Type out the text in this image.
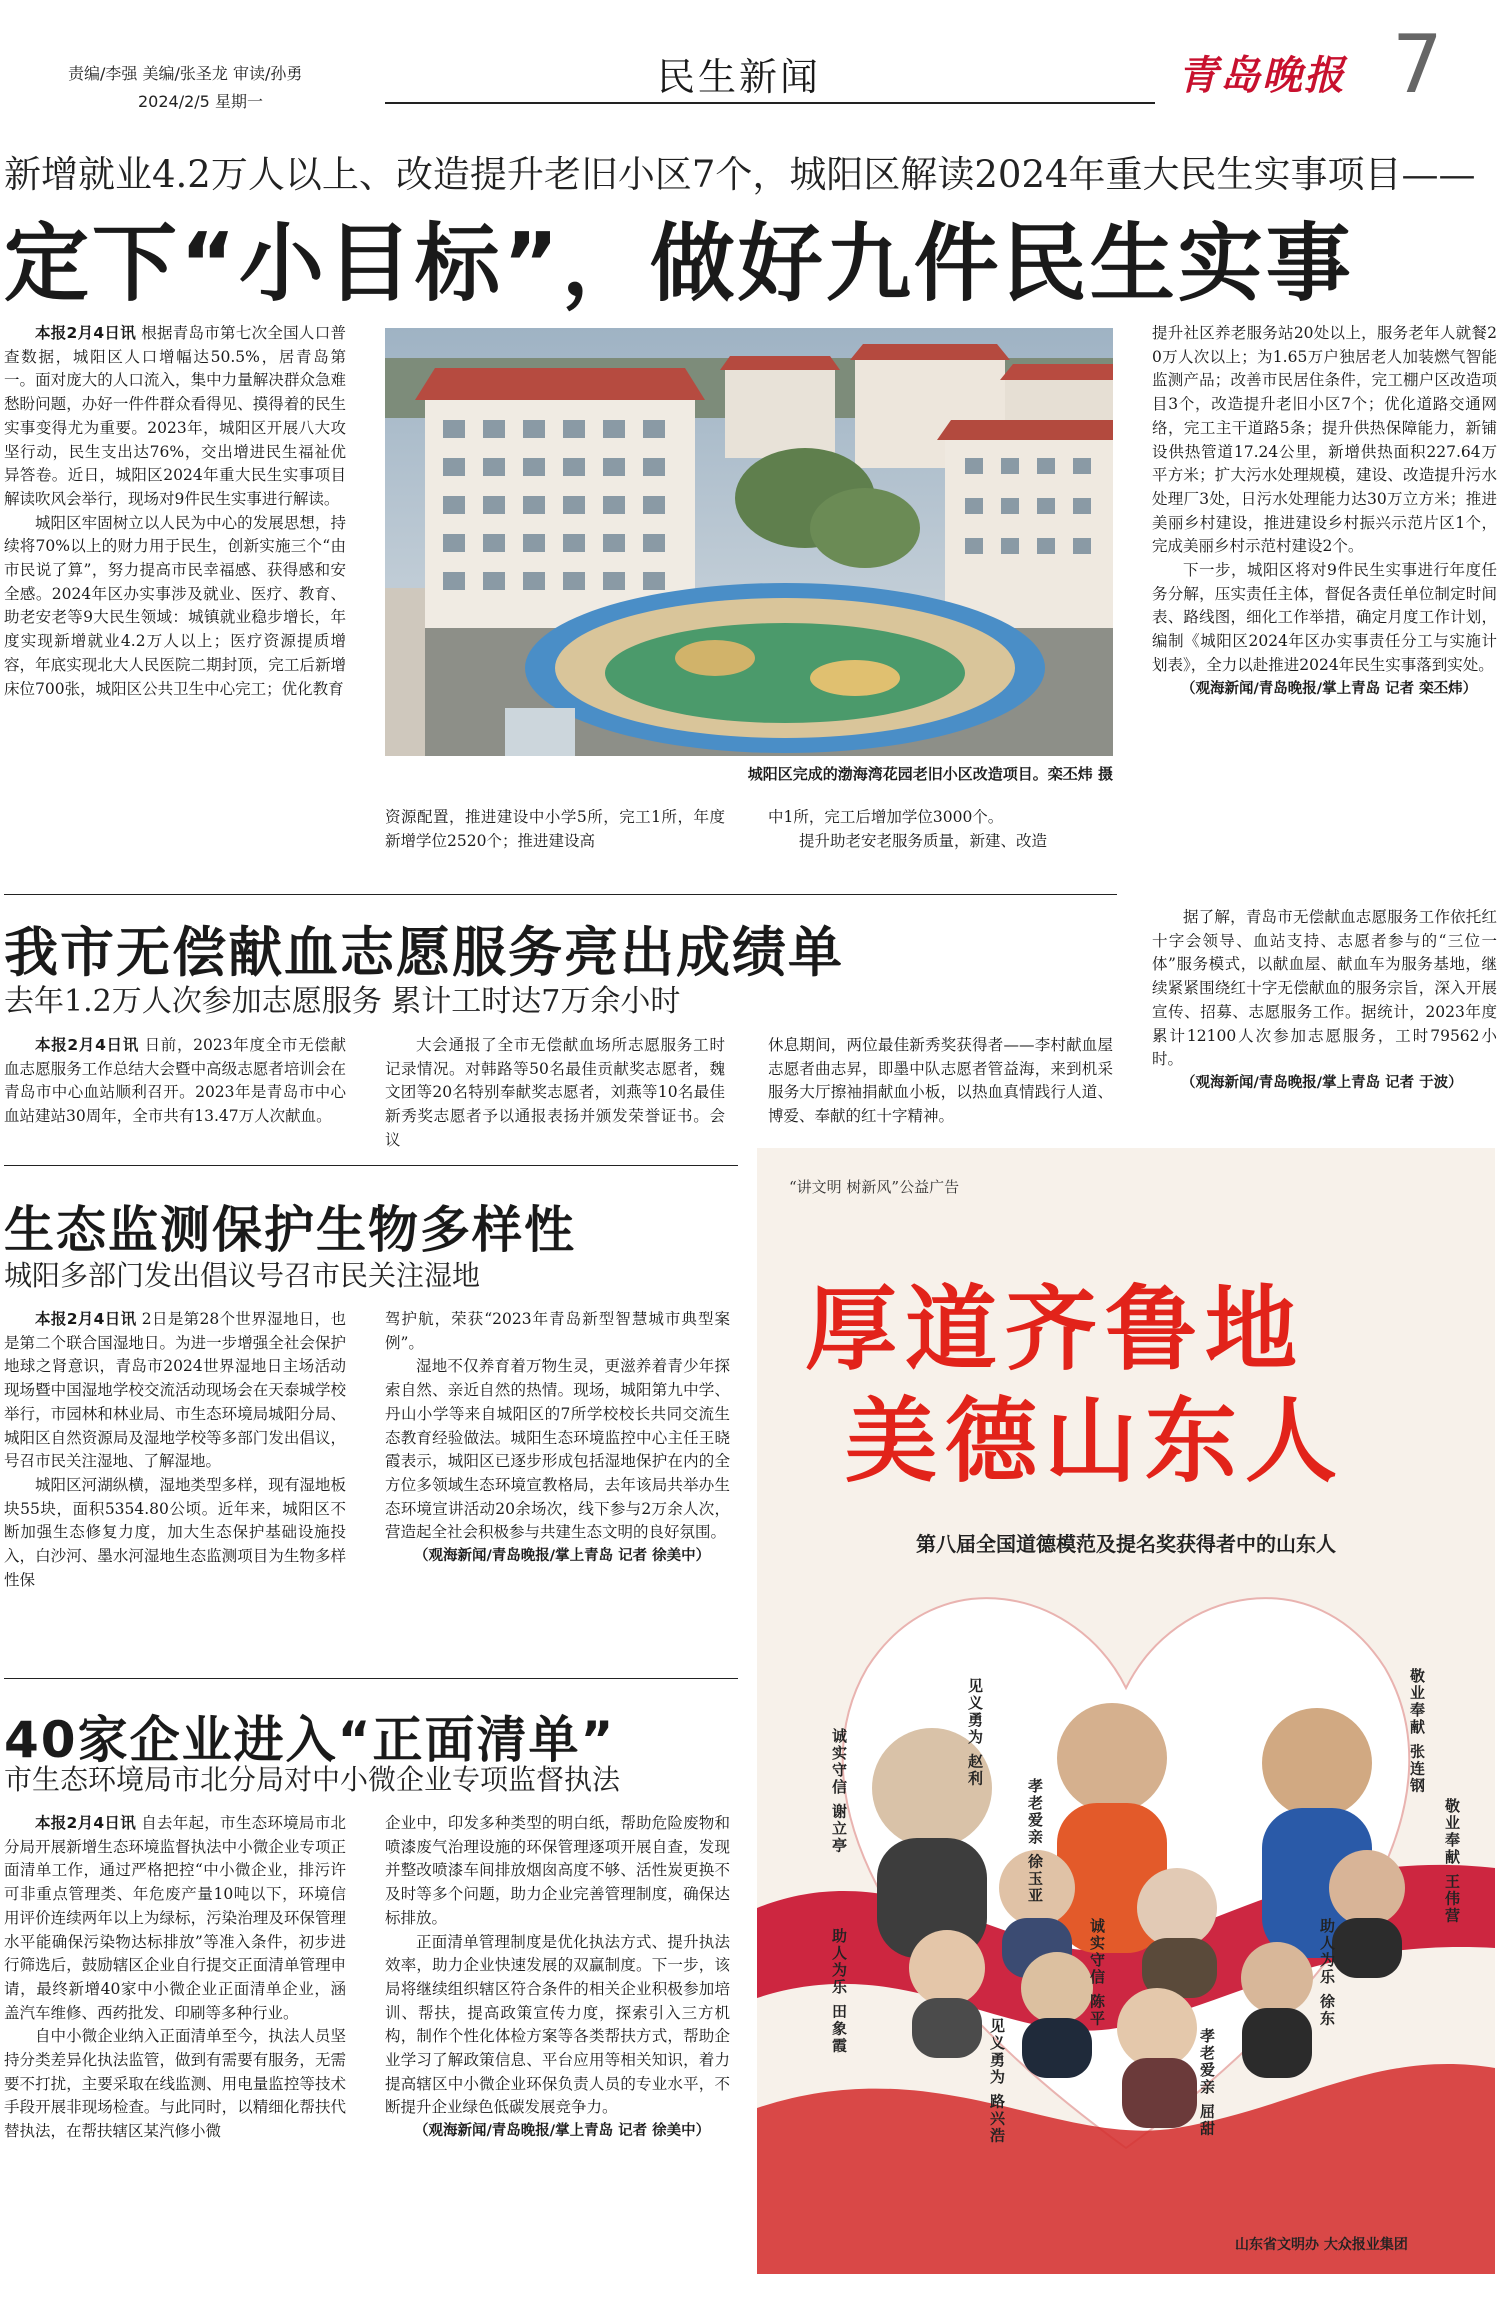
责编/李强 美编/张圣龙 审读/孙勇
2024/2/5 星期一
民生新闻	青岛晚报 7
新增就业4.2万人以上、改造提升老旧小区7个，城阳区解读2024年重大民生实事项目——
定下“小目标”，做好九件民生实事

本报2月4日讯 根据青岛市第七次全国人口普查数据，城阳区人口增幅达50.5%，居青岛第一。面对庞大的人口流入，集中力量解决群众急难愁盼问题，办好一件件群众看得见、摸得着的民生实事变得尤为重要。2023年，城阳区开展八大攻坚行动，民生支出达76%，交出增进民生福祉优异答卷。近日，城阳区2024年重大民生实事项目解读吹风会举行，现场对9件民生实事进行解读。

城阳区牢固树立以人民为中心的发展思想，持续将70%以上的财力用于民生，创新实施三个“由市民说了算”，努力提高市民幸福感、获得感和安全感。2024年区办实事涉及就业、医疗、教育、助老安老等9大民生领域：城镇就业稳步增长，年度实现新增就业4.2万人以上；医疗资源提质增容，年底实现北大人民医院二期封顶，完工后新增床位700张，城阳区公共卫生中心完工；优化教育

城阳区完成的渤海湾花园老旧小区改造项目。栾丕炜 摄

资源配置，推进建设中小学5所，完工1所，年度新增学位2520个；推进建设高

中1所，完工后增加学位3000个。

提升助老安老服务质量，新建、改造

提升社区养老服务站20处以上，服务老年人就餐20万人次以上；为1.65万户独居老人加装燃气智能监测产品；改善市民居住条件，完工棚户区改造项目3个，改造提升老旧小区7个；优化道路交通网络，完工主干道路5条；提升供热保障能力，新铺设供热管道17.24公里，新增供热面积227.64万平方米；扩大污水处理规模，建设、改造提升污水处理厂3处，日污水处理能力达30万立方米；推进美丽乡村建设，推进建设乡村振兴示范片区1个，完成美丽乡村示范村建设2个。

下一步，城阳区将对9件民生实事进行年度任务分解，压实责任主体，督促各责任单位制定时间表、路线图，细化工作举措，确定月度工作计划，编制《城阳区2024年区办实事责任分工与实施计划表》，全力以赴推进2024年民生实事落到实处。

（观海新闻/青岛晚报/掌上青岛 记者 栾丕炜）

我市无偿献血志愿服务亮出成绩单
去年1.2万人次参加志愿服务 累计工时达7万余小时

本报2月4日讯 日前，2023年度全市无偿献血志愿服务工作总结大会暨中高级志愿者培训会在青岛市中心血站顺利召开。2023年是青岛市中心血站建站30周年，全市共有13.47万人次献血。

大会通报了全市无偿献血场所志愿服务工时记录情况。对韩路等50名最佳贡献奖志愿者，魏文团等20名特别奉献奖志愿者，刘燕等10名最佳新秀奖志愿者予以通报表扬并颁发荣誉证书。会议

休息期间，两位最佳新秀奖获得者——李村献血屋志愿者曲志昇，即墨中队志愿者管益海，来到机采服务大厅擦袖捐献血小板，以热血真情践行人道、博爱、奉献的红十字精神。

据了解，青岛市无偿献血志愿服务工作依托红十字会领导、血站支持、志愿者参与的“三位一体”服务模式，以献血屋、献血车为服务基地，继续紧紧围绕红十字无偿献血的服务宗旨，深入开展宣传、招募、志愿服务工作。据统计，2023年度累计12100人次参加志愿服务，工时79562小时。

（观海新闻/青岛晚报/掌上青岛 记者 于波）

生态监测保护生物多样性
城阳多部门发出倡议号召市民关注湿地

本报2月4日讯 2日是第28个世界湿地日，也是第二个联合国湿地日。为进一步增强全社会保护地球之肾意识，青岛市2024世界湿地日主场活动现场暨中国湿地学校交流活动现场会在天泰城学校举行，市园林和林业局、市生态环境局城阳分局、城阳区自然资源局及湿地学校等多部门发出倡议，号召市民关注湿地、了解湿地。

城阳区河湖纵横，湿地类型多样，现有湿地板块55块，面积5354.80公顷。近年来，城阳区不断加强生态修复力度，加大生态保护基础设施投入，白沙河、墨水河湿地生态监测项目为生物多样性保

驾护航，荣获“2023年青岛新型智慧城市典型案例”。

湿地不仅养育着万物生灵，更滋养着青少年探索自然、亲近自然的热情。现场，城阳第九中学、丹山小学等来自城阳区的7所学校校长共同交流生态教育经验做法。城阳生态环境监控中心主任王晓霞表示，城阳区已逐步形成包括湿地保护在内的全方位多领域生态环境宣教格局，去年该局共举办生态环境宣讲活动20余场次，线下参与2万余人次，营造起全社会积极参与共建生态文明的良好氛围。

（观海新闻/青岛晚报/掌上青岛 记者 徐美中）

40家企业进入“正面清单”
市生态环境局市北分局对中小微企业专项监督执法

本报2月4日讯 自去年起，市生态环境局市北分局开展新增生态环境监督执法中小微企业专项正面清单工作，通过严格把控“中小微企业，排污许可非重点管理类、年危废产量10吨以下，环境信用评价连续两年以上为绿标，污染治理及环保管理水平能确保污染物达标排放”等准入条件，初步进行筛选后，鼓励辖区企业自行提交正面清单管理申请，最终新增40家中小微企业正面清单企业，涵盖汽车维修、西药批发、印刷等多种行业。

自中小微企业纳入正面清单至今，执法人员坚持分类差异化执法监管，做到有需要有服务，无需要不打扰，主要采取在线监测、用电量监控等技术手段开展非现场检查。与此同时，以精细化帮扶代替执法，在帮扶辖区某汽修小微

企业中，印发多种类型的明白纸，帮助危险废物和喷漆废气治理设施的环保管理逐项开展自查，发现并整改喷漆车间排放烟囱高度不够、活性炭更换不及时等多个问题，助力企业完善管理制度，确保达标排放。

正面清单管理制度是优化执法方式、提升执法效率，助力企业快速发展的双赢制度。下一步，该局将继续组织辖区符合条件的相关企业积极参加培训、帮扶，提高政策宣传力度，探索引入三方机构，制作个性化体检方案等各类帮扶方式，帮助企业学习了解政策信息、平台应用等相关知识，着力提高辖区中小微企业环保负责人员的专业水平，不断提升企业绿色低碳发展竞争力。

（观海新闻/青岛晚报/掌上青岛 记者 徐美中）

“讲文明 树新风”公益广告
厚道齐鲁地
美德山东人
第八届全国道德模范及提名奖获得者中的山东人
诚实守信 谢立亭	见义勇为 赵利	敬业奉献 张连钢
孝老爱亲 徐玉亚
助人为乐 田象霞	诚实守信 陈平
敬业奉献 王伟营
见义勇为 路兴浩	孝老爱亲 屈甜
助人为乐 徐东
山东省文明办 大众报业集团
